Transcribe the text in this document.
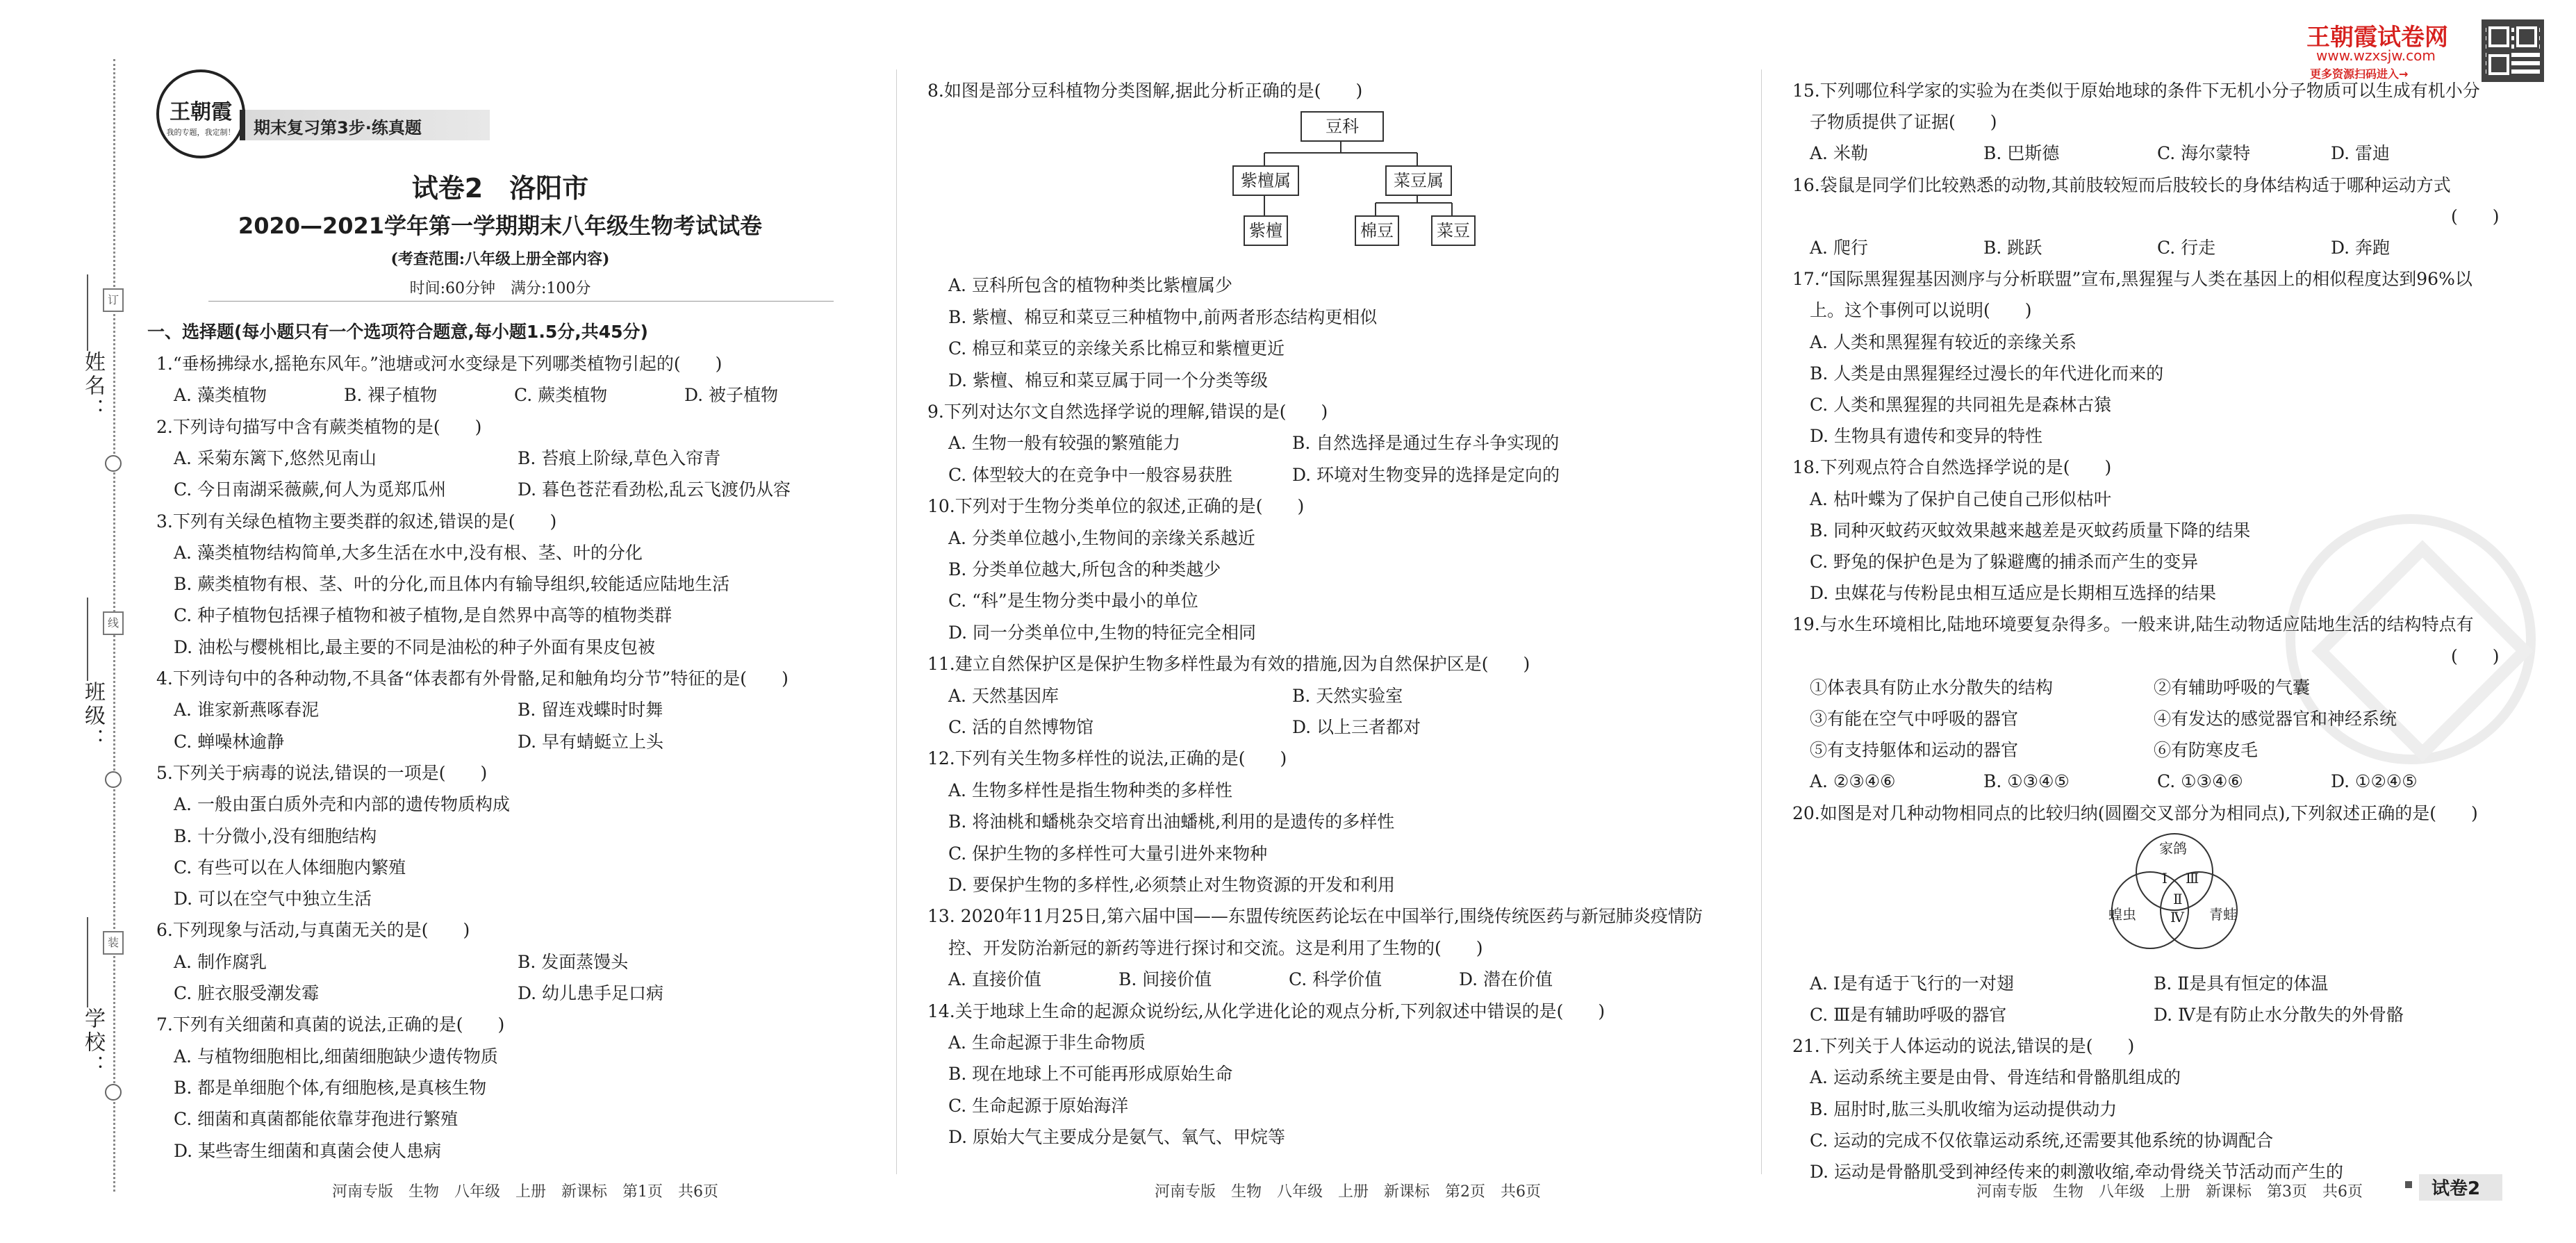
姓名：
班级：
学校：
订
线
装
王朝霞
我的专题，我定制！ 期末复习第3步·练真题
试卷2　洛阳市
2020—2021学年第一学期期末八年级生物考试试卷
(考查范围:八年级上册全部内容)
时间:60分钟　满分:100分
王朝霞试卷网
www.wzxsjw.com
更多资源扫码进入→
一、选择题(每小题只有一个选项符合题意,每小题1.5分,共45分)
1.“垂杨拂绿水,摇艳东风年。”池塘或河水变绿是下列哪类植物引起的(　　)
A. 藻类植物	B. 裸子植物	C. 蕨类植物	D. 被子植物
2.下列诗句描写中含有蕨类植物的是(　　)
A. 采菊东篱下,悠然见南山	B. 苔痕上阶绿,草色入帘青
C. 今日南湖采薇蕨,何人为觅郑瓜州	D. 暮色苍茫看劲松,乱云飞渡仍从容
3.下列有关绿色植物主要类群的叙述,错误的是(　　)
A. 藻类植物结构简单,大多生活在水中,没有根、茎、叶的分化
B. 蕨类植物有根、茎、叶的分化,而且体内有输导组织,较能适应陆地生活
C. 种子植物包括裸子植物和被子植物,是自然界中高等的植物类群
D. 油松与樱桃相比,最主要的不同是油松的种子外面有果皮包被
4.下列诗句中的各种动物,不具备“体表都有外骨骼,足和触角均分节”特征的是(　　)
A. 谁家新燕啄春泥	B. 留连戏蝶时时舞
C. 蝉噪林逾静	D. 早有蜻蜓立上头
5.下列关于病毒的说法,错误的一项是(　　)
A. 一般由蛋白质外壳和内部的遗传物质构成
B. 十分微小,没有细胞结构
C. 有些可以在人体细胞内繁殖
D. 可以在空气中独立生活
6.下列现象与活动,与真菌无关的是(　　)
A. 制作腐乳	B. 发面蒸馒头
C. 脏衣服受潮发霉	D. 幼儿患手足口病
7.下列有关细菌和真菌的说法,正确的是(　　)
A. 与植物细胞相比,细菌细胞缺少遗传物质
B. 都是单细胞个体,有细胞核,是真核生物
C. 细菌和真菌都能依靠芽孢进行繁殖
D. 某些寄生细菌和真菌会使人患病
8.如图是部分豆科植物分类图解,据此分析正确的是(　　)
A. 豆科所包含的植物种类比紫檀属少
B. 紫檀、棉豆和菜豆三种植物中,前两者形态结构更相似
C. 棉豆和菜豆的亲缘关系比棉豆和紫檀更近
D. 紫檀、棉豆和菜豆属于同一个分类等级
9.下列对达尔文自然选择学说的理解,错误的是(　　)
A. 生物一般有较强的繁殖能力	B. 自然选择是通过生存斗争实现的
C. 体型较大的在竞争中一般容易获胜	D. 环境对生物变异的选择是定向的
10.下列对于生物分类单位的叙述,正确的是(　　)
A. 分类单位越小,生物间的亲缘关系越近
B. 分类单位越大,所包含的种类越少
C. “科”是生物分类中最小的单位
D. 同一分类单位中,生物的特征完全相同
11.建立自然保护区是保护生物多样性最为有效的措施,因为自然保护区是(　　)
A. 天然基因库	B. 天然实验室
C. 活的自然博物馆	D. 以上三者都对
12.下列有关生物多样性的说法,正确的是(　　)
A. 生物多样性是指生物种类的多样性
B. 将油桃和蟠桃杂交培育出油蟠桃,利用的是遗传的多样性
C. 保护生物的多样性可大量引进外来物种
D. 要保护生物的多样性,必须禁止对生物资源的开发和利用
13. 2020年11月25日,第六届中国——东盟传统医药论坛在中国举行,围绕传统医药与新冠肺炎疫情防
控、开发防治新冠的新药等进行探讨和交流。这是利用了生物的(　　)
A. 直接价值	B. 间接价值	C. 科学价值	D. 潜在价值
14.关于地球上生命的起源众说纷纭,从化学进化论的观点分析,下列叙述中错误的是(　　)
A. 生命起源于非生命物质
B. 现在地球上不可能再形成原始生命
C. 生命起源于原始海洋
D. 原始大气主要成分是氨气、氧气、甲烷等
豆科
紫檀属	菜豆属
紫檀	棉豆	菜豆
15.下列哪位科学家的实验为在类似于原始地球的条件下无机小分子物质可以生成有机小分
子物质提供了证据(　　)
A. 米勒	B. 巴斯德	C. 海尔蒙特	D. 雷迪
16.袋鼠是同学们比较熟悉的动物,其前肢较短而后肢较长的身体结构适于哪种运动方式
(　　)
A. 爬行	B. 跳跃	C. 行走	D. 奔跑
17.“国际黑猩猩基因测序与分析联盟”宣布,黑猩猩与人类在基因上的相似程度达到96%以
上。这个事例可以说明(　　)
A. 人类和黑猩猩有较近的亲缘关系
B. 人类是由黑猩猩经过漫长的年代进化而来的
C. 人类和黑猩猩的共同祖先是森林古猿
D. 生物具有遗传和变异的特性
18.下列观点符合自然选择学说的是(　　)
A. 枯叶蝶为了保护自己使自己形似枯叶
B. 同种灭蚊药灭蚊效果越来越差是灭蚊药质量下降的结果
C. 野兔的保护色是为了躲避鹰的捕杀而产生的变异
D. 虫媒花与传粉昆虫相互适应是长期相互选择的结果
19.与水生环境相比,陆地环境要复杂得多。一般来讲,陆生动物适应陆地生活的结构特点有
(　　)
①体表具有防止水分散失的结构	②有辅助呼吸的气囊
③有能在空气中呼吸的器官	④有发达的感觉器官和神经系统
⑤有支持躯体和运动的器官	⑥有防寒皮毛
A. ②③④⑥	B. ①③④⑤	C. ①③④⑥	D. ①②④⑤
20.如图是对几种动物相同点的比较归纳(圆圈交叉部分为相同点),下列叙述正确的是(　　)
A. Ⅰ是有适于飞行的一对翅	B. Ⅱ是具有恒定的体温
C. Ⅲ是有辅助呼吸的器官	D. Ⅳ是有防止水分散失的外骨骼
21.下列关于人体运动的说法,错误的是(　　)
A. 运动系统主要是由骨、骨连结和骨骼肌组成的
B. 屈肘时,肱三头肌收缩为运动提供动力
C. 运动的完成不仅依靠运动系统,还需要其他系统的协调配合
D. 运动是骨骼肌受到神经传来的刺激收缩,牵动骨绕关节活动而产生的
家鸽
蝗虫	青蛙
Ⅰ
Ⅱ
Ⅲ
Ⅳ
河南专版　生物　八年级　上册　新课标　第1页　共6页	河南专版　生物　八年级　上册　新课标　第2页　共6页	河南专版　生物　八年级　上册　新课标　第3页　共6页	试卷2
